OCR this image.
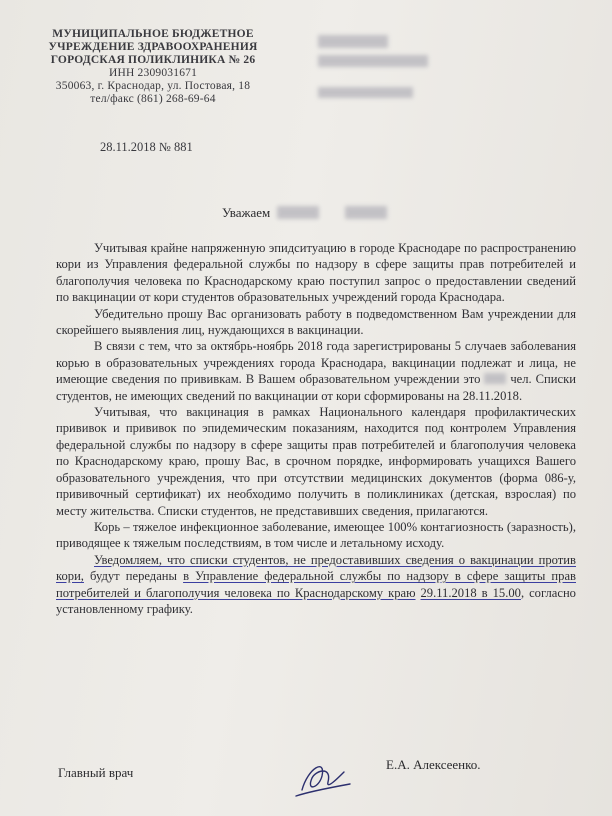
МУНИЦИПАЛЬНОЕ БЮДЖЕТНОЕ
УЧРЕЖДЕНИЕ ЗДРАВООХРАНЕНИЯ
ГОРОДСКАЯ ПОЛИКЛИНИКА № 26
ИНН 2309031671
350063, г. Краснодар, ул. Постовая, 18
тел/факс (861) 268-69-64
28.11.2018 № 881
Уважаем

Учитывая крайне напряженную эпидситуацию в городе Краснодаре по распространению кори из Управления федеральной службы по надзору в сфере защиты прав потребителей и благополучия человека по Краснодарскому краю поступил запрос о предоставлении сведений по вакцинации от кори студентов образовательных учреждений города Краснодара.

Убедительно прошу Вас организовать работу в подведомственном Вам учреждении для скорейшего выявления лиц, нуждающихся в вакцинации.

В связи с тем, что за октябрь-ноябрь 2018 года зарегистрированы 5 случаев заболевания корью в образовательных учреждениях города Краснодара, вакцинации подлежат и лица, не имеющие сведения по прививкам. В Вашем образовательном учреждении это чел. Списки студентов, не имеющих сведений по вакцинации от кори сформированы на 28.11.2018.

Учитывая, что вакцинация в рамках Национального календаря профилактических прививок и прививок по эпидемическим показаниям, находится под контролем Управления федеральной службы по надзору в сфере защиты прав потребителей и благополучия человека по Краснодарскому краю, прошу Вас, в срочном порядке, информировать учащихся Вашего образовательного учреждения, что при отсутствии медицинских документов (форма 086-у, прививочный сертификат) их необходимо получить в поликлиниках (детская, взрослая) по месту жительства. Списки студентов, не представивших сведения, прилагаются.

Корь – тяжелое инфекционное заболевание, имеющее 100% контагиозность (заразность), приводящее к тяжелым последствиям, в том числе и летальному исходу.

Уведомляем, что списки студентов, не предоставивших сведения о вакцинации против кори, будут переданы в Управление федеральной службы по надзору в сфере защиты прав потребителей и благополучия человека по Краснодарскому краю 29.11.2018 в 15.00, согласно установленному графику.

Главный врач
Е.А. Алексеенко.
